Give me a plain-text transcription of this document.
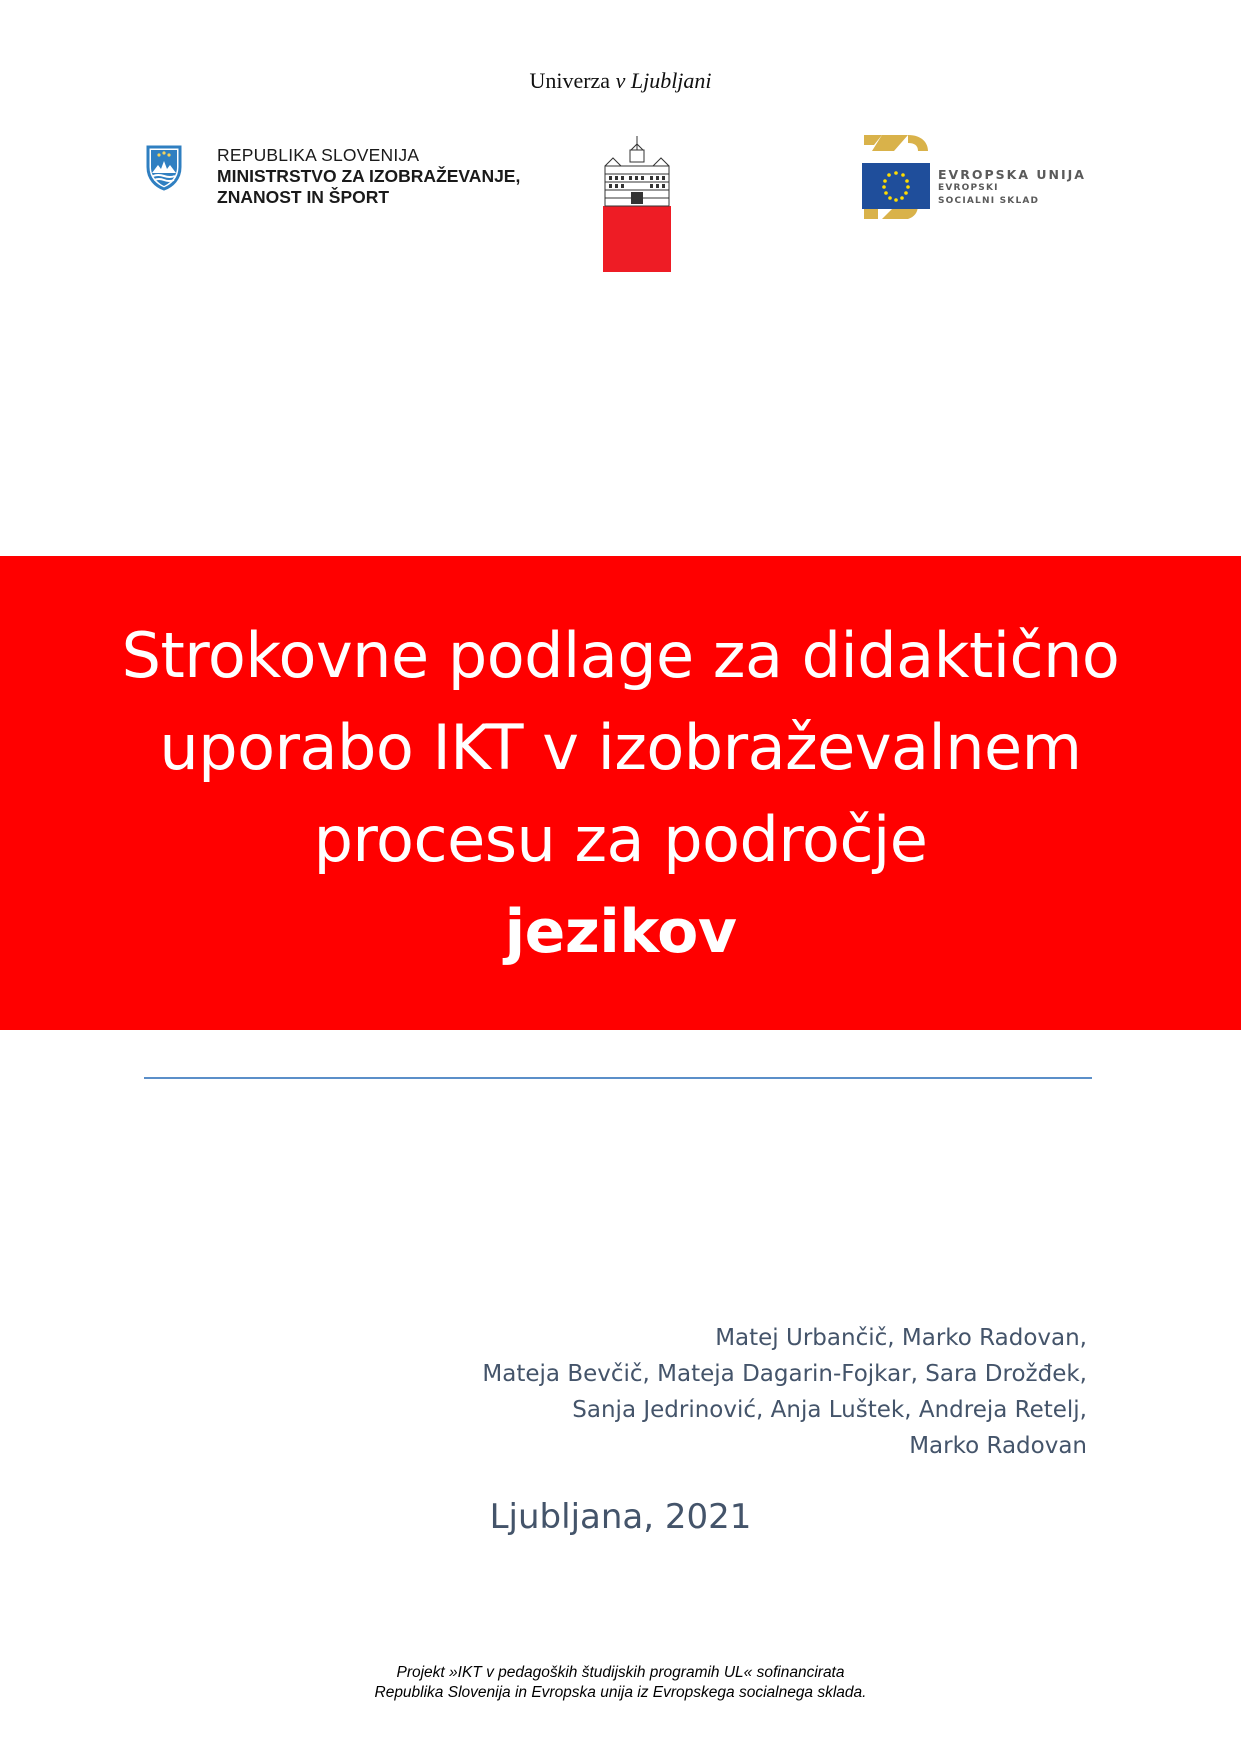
Univerza v Ljubljani
REPUBLIKA SLOVENIJA
MINISTRSTVO ZA IZOBRAŽEVANJE,
ZNANOST IN ŠPORT
EVROPSKA UNIJA
EVROPSKI
SOCIALNI SKLAD
Strokovne podlage za didaktično
uporabo IKT v izobraževalnem
procesu za področje
jezikov
Matej Urbančič, Marko Radovan,
Mateja Bevčič, Mateja Dagarin-Fojkar, Sara Drožđek,
Sanja Jedrinović, Anja Luštek, Andreja Retelj,
Marko Radovan
Ljubljana, 2021
Projekt »IKT v pedagoških študijskih programih UL« sofinancirata
Republika Slovenija in Evropska unija iz Evropskega socialnega sklada.
